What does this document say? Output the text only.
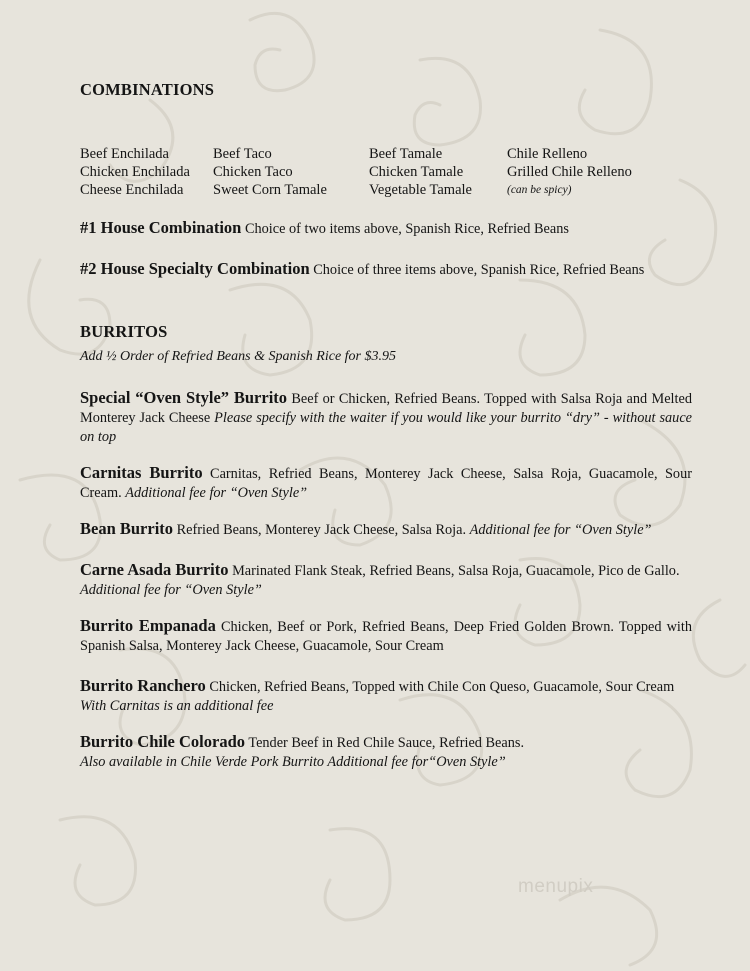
COMBINATIONS
Beef Enchilada
Chicken Enchilada
Cheese Enchilada
Beef Taco
Chicken Taco
Sweet Corn Tamale
Beef Tamale
Chicken Tamale
Vegetable Tamale
Chile Relleno
Grilled Chile Relleno
(can be spicy)
#1 House Combination Choice of two items above, Spanish Rice, Refried Beans
#2 House Specialty Combination Choice of three items above, Spanish Rice, Refried Beans
BURRITOS
Add ½ Order of Refried Beans & Spanish Rice for $3.95
Special “Oven Style” Burrito Beef or Chicken, Refried Beans. Topped with Salsa Roja and Melted Monterey Jack Cheese Please specify with the waiter if you would like your burrito “dry” - without sauce on top
Carnitas Burrito Carnitas, Refried Beans, Monterey Jack Cheese, Salsa Roja, Guacamole, Sour Cream. Additional fee for “Oven Style”
Bean Burrito Refried Beans, Monterey Jack Cheese, Salsa Roja. Additional fee for “Oven Style”
Carne Asada Burrito Marinated Flank Steak, Refried Beans, Salsa Roja, Guacamole, Pico de Gallo.
Additional fee for “Oven Style”
Burrito Empanada Chicken, Beef or Pork, Refried Beans, Deep Fried Golden Brown. Topped with Spanish Salsa, Monterey Jack Cheese, Guacamole, Sour Cream
Burrito Ranchero Chicken, Refried Beans, Topped with Chile Con Queso, Guacamole, Sour Cream
With Carnitas is an additional fee
Burrito Chile Colorado Tender Beef in Red Chile Sauce, Refried Beans.
Also available in Chile Verde Pork Burrito Additional fee for“Oven Style”
menupix
